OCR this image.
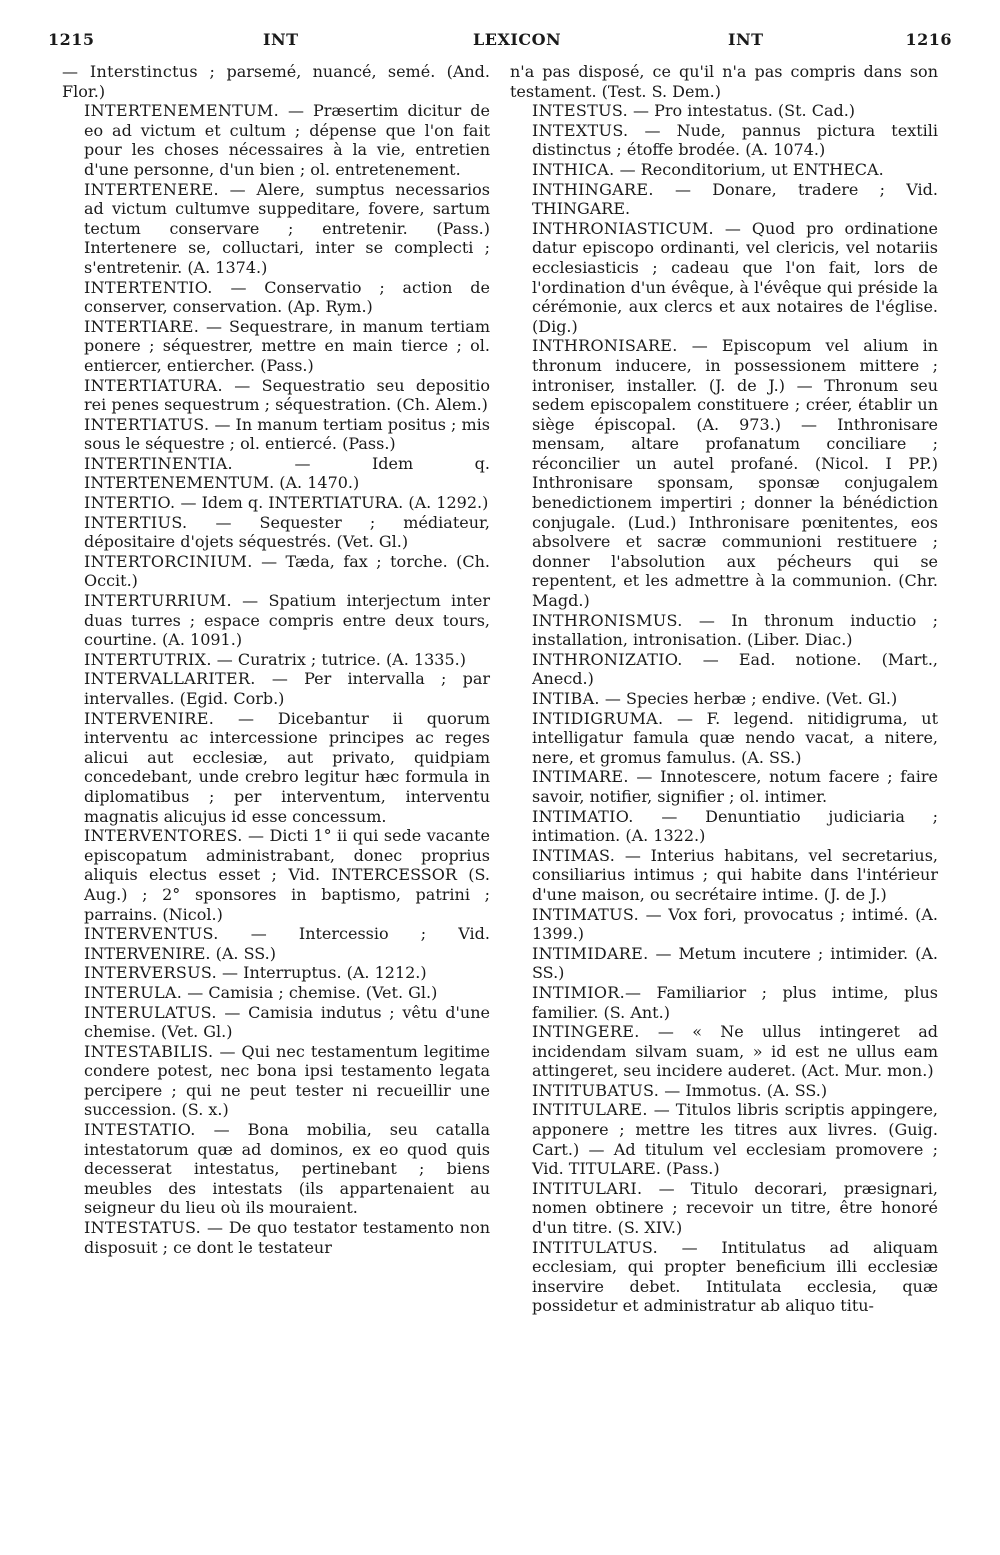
1215	INT	LEXICON	INT	1216

— Interstinctus ; parsemé, nuancé, semé. (And. Flor.)

INTERTENEMENTUM. — Præsertim dicitur de eo ad victum et cultum ; dépense que l'on fait pour les choses nécessaires à la vie, entretien d'une personne, d'un bien ; ol. entretenement.

INTERTENERE. — Alere, sumptus necessarios ad victum cultumve suppeditare, fovere, sartum tectum conservare ; entretenir. (Pass.) Intertenere se, colluctari, inter se complecti ; s'entretenir. (A. 1374.)

INTERTENTIO. — Conservatio ; action de conserver, conservation. (Ap. Rym.)

INTERTIARE. — Sequestrare, in manum tertiam ponere ; séquestrer, mettre en main tierce ; ol. entiercer, entiercher. (Pass.)

INTERTIATURA. — Sequestratio seu depositio rei penes sequestrum ; séquestration. (Ch. Alem.)

INTERTIATUS. — In manum tertiam positus ; mis sous le séquestre ; ol. entiercé. (Pass.)

INTERTINENTIA. — Idem q. INTERTENEMENTUM. (A. 1470.)

INTERTIO. — Idem q. INTERTIATURA. (A. 1292.)

INTERTIUS. — Sequester ; médiateur, dépositaire d'ojets séquestrés. (Vet. Gl.)

INTERTORCINIUM. — Tæda, fax ; torche. (Ch. Occit.)

INTERTURRIUM. — Spatium interjectum inter duas turres ; espace compris entre deux tours, courtine. (A. 1091.)

INTERTUTRIX. — Curatrix ; tutrice. (A. 1335.)

INTERVALLARITER. — Per intervalla ; par intervalles. (Egid. Corb.)

INTERVENIRE. — Dicebantur ii quorum interventu ac intercessione principes ac reges alicui aut ecclesiæ, aut privato, quidpiam concedebant, unde crebro legitur hæc formula in diplomatibus ; per interventum, interventu magnatis alicujus id esse concessum.

INTERVENTORES. — Dicti 1° ii qui sede vacante episcopatum administrabant, donec proprius aliquis electus esset ; Vid. INTERCESSOR (S. Aug.) ; 2° sponsores in baptismo, patrini ; parrains. (Nicol.)

INTERVENTUS. — Intercessio ; Vid. INTERVENIRE. (A. SS.)

INTERVERSUS. — Interruptus. (A. 1212.)

INTERULA. — Camisia ; chemise. (Vet. Gl.)

INTERULATUS. — Camisia indutus ; vêtu d'une chemise. (Vet. Gl.)

INTESTABILIS. — Qui nec testamentum legitime condere potest, nec bona ipsi testamento legata percipere ; qui ne peut tester ni recueillir une succession. (S. x.)

INTESTATIO. — Bona mobilia, seu catalla intestatorum quæ ad dominos, ex eo quod quis decesserat intestatus, pertinebant ; biens meubles des intestats (ils appartenaient au seigneur du lieu où ils mouraient.

INTESTATUS. — De quo testator testamento non disposuit ; ce dont le testateur

n'a pas disposé, ce qu'il n'a pas compris dans son testament. (Test. S. Dem.)

INTESTUS. — Pro intestatus. (St. Cad.)

INTEXTUS. — Nude, pannus pictura textili distinctus ; étoffe brodée. (A. 1074.)

INTHICA. — Reconditorium, ut ENTHECA.

INTHINGARE. — Donare, tradere ; Vid. THINGARE.

INTHRONIASTICUM. — Quod pro ordinatione datur episcopo ordinanti, vel clericis, vel notariis ecclesiasticis ; cadeau que l'on fait, lors de l'ordination d'un évêque, à l'évêque qui préside la cérémonie, aux clercs et aux notaires de l'église. (Dig.)

INTHRONISARE. — Episcopum vel alium in thronum inducere, in possessionem mittere ; introniser, installer. (J. de J.) — Thronum seu sedem episcopalem constituere ; créer, établir un siège épiscopal. (A. 973.) — Inthronisare mensam, altare profanatum conciliare ; réconcilier un autel profané. (Nicol. I PP.) Inthronisare sponsam, sponsæ conjugalem benedictionem impertiri ; donner la bénédiction conjugale. (Lud.) Inthronisare pœnitentes, eos absolvere et sacræ communioni restituere ; donner l'absolution aux pécheurs qui se repentent, et les admettre à la communion. (Chr. Magd.)

INTHRONISMUS. — In thronum inductio ; installation, intronisation. (Liber. Diac.)

INTHRONIZATIO. — Ead. notione. (Mart., Anecd.)

INTIBA. — Species herbæ ; endive. (Vet. Gl.)

INTIDIGRUMA. — F. legend. nitidigruma, ut intelligatur famula quæ nendo vacat, a nitere, nere, et gromus famulus. (A. SS.)

INTIMARE. — Innotescere, notum facere ; faire savoir, notifier, signifier ; ol. intimer.

INTIMATIO. — Denuntiatio judiciaria ; intimation. (A. 1322.)

INTIMAS. — Interius habitans, vel secretarius, consiliarius intimus ; qui habite dans l'intérieur d'une maison, ou secrétaire intime. (J. de J.)

INTIMATUS. — Vox fori, provocatus ; intimé. (A. 1399.)

INTIMIDARE. — Metum incutere ; intimider. (A. SS.)

INTIMIOR.— Familiarior ; plus intime, plus familier. (S. Ant.)

INTINGERE. — « Ne ullus intingeret ad incidendam silvam suam, » id est ne ullus eam attingeret, seu incidere auderet. (Act. Mur. mon.)

INTITUBATUS. — Immotus. (A. SS.)

INTITULARE. — Titulos libris scriptis appingere, apponere ; mettre les titres aux livres. (Guig. Cart.) — Ad titulum vel ecclesiam promovere ; Vid. TITULARE. (Pass.)

INTITULARI. — Titulo decorari, præsignari, nomen obtinere ; recevoir un titre, être honoré d'un titre. (S. XIV.)

INTITULATUS. — Intitulatus ad aliquam ecclesiam, qui propter beneficium illi ecclesiæ inservire debet. Intitulata ecclesia, quæ possidetur et administratur ab aliquo titu-
